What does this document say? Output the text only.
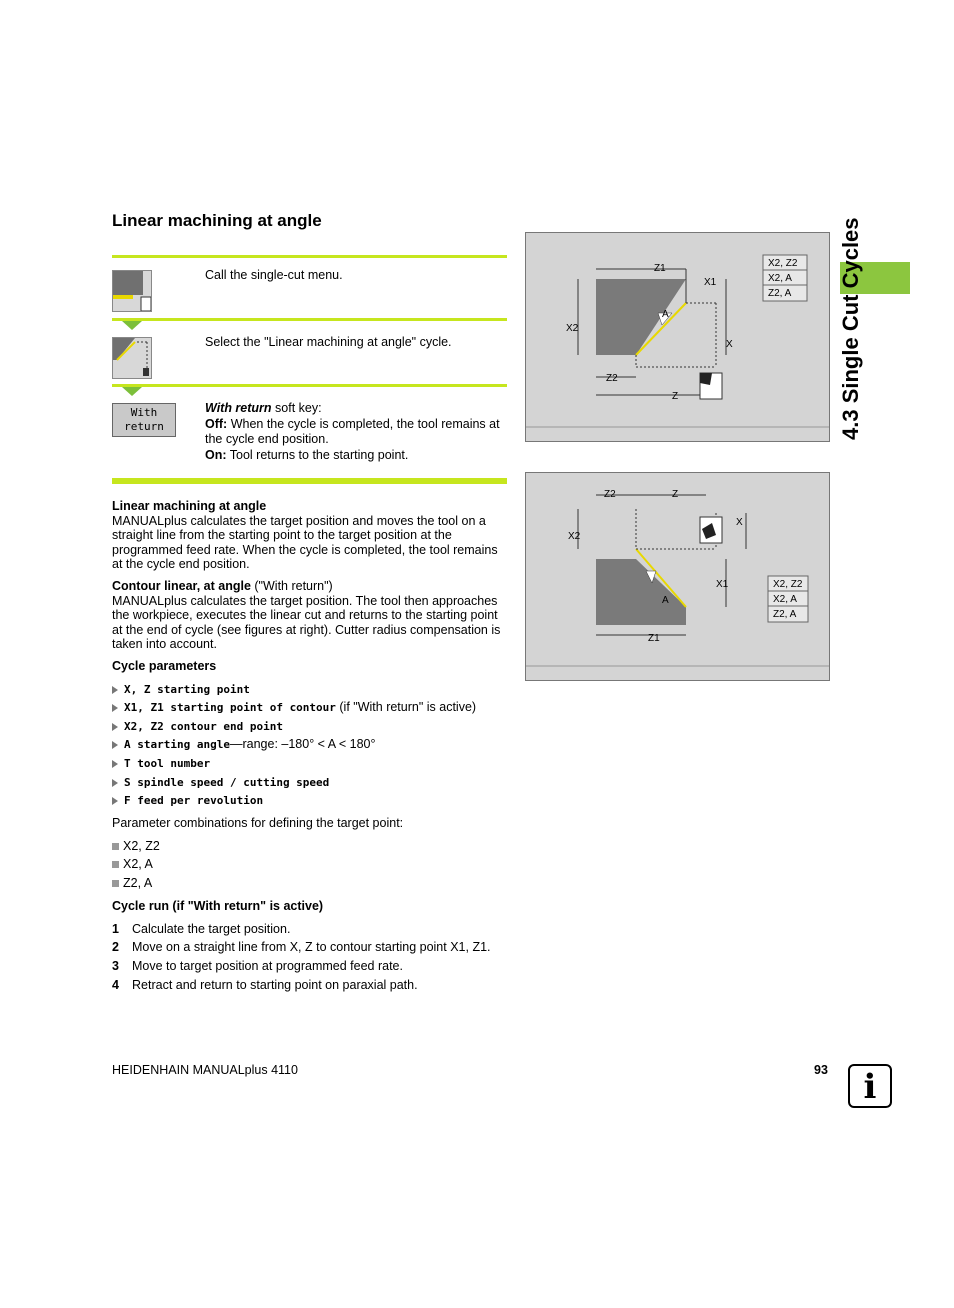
Linear machining at angle
Call the single-cut menu.
Select the "Linear machining at angle" cycle.
With
return
With return soft key:
Off: When the cycle is completed, the tool remains at the cycle end position.
On: Tool returns to the starting point.
Linear machining at angle
MANUALplus calculates the target position and moves the tool on a straight line from the starting point to the target position at the programmed feed rate. When the cycle is completed, the tool remains at the cycle end position.
Contour linear, at angle ("With return")
MANUALplus calculates the target position. The tool then approaches the workpiece, executes the linear cut and returns to the starting point at the end of cycle (see figures at right). Cutter radius compensation is taken into account.
Cycle parameters
X, Z starting point
X1, Z1 starting point of contour (if "With return" is active)
X2, Z2 contour end point
A starting angle—range: –180° < A < 180°
T tool number
S spindle speed / cutting speed
F feed per revolution
Parameter combinations for defining the target point:
X2, Z2
X2, A
Z2, A
Cycle run (if "With return" is active)
1 Calculate the target position.
2 Move on a straight line from X, Z to contour starting point X1, Z1.
3 Move to target position at programmed feed rate.
4 Retract and return to starting point on paraxial path.
Z1
X1
X2
X
Z2
Z
A
X2, Z2
X2, A
Z2, A
Z2	Z
X
X2
X1
Z1
A
X2, Z2
X2, A
Z2, A
4.3 Single Cut Cycles
HEIDENHAIN MANUALplus 4110	93	i
